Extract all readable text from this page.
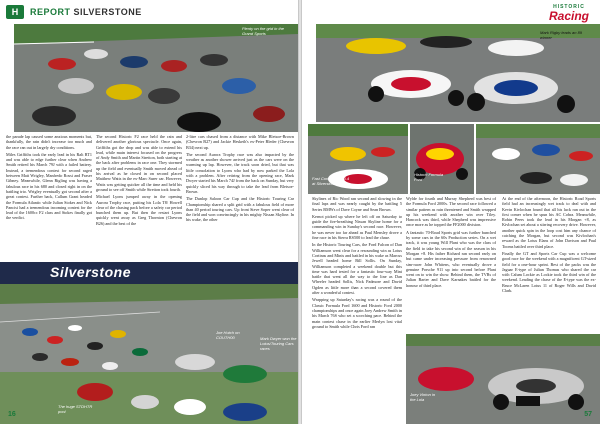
H	REPORT SILVERSTONE
Plenty on the grid in the Grand Sports

the parade lap caused some anxious moments but, thankfully, the rain didn't increase too much and the race ran out in largely dry conditions.

Miles Griffiths took the early lead in his Ralt RT1 and was able to edge further clear when Andrew Smith retired his March 79J with a failed battery. Instead, a tremendous contest for second raged between Matt Wrigley, Manfredo Rossi and Fraser Gibney. Meanwhile, Glenn Rigling was having a fabulous race in his 680 and closed right in on the battling trio. Wrigley eventually got second after a great contest. Further back, Callum Grant headed the Formula Atlantic while Julian Stokes and Nick Pancisi had a tremendous incoming contest for the lead of the 1600cc F2 class and Stokes finally got the verdict.

The second Historic F2 race held the rain and delivered another glorious spectacle. Once again, Griffiths got the drop and was able to extend his lead, while main interest focused on the progress of Andy Smith and Martin Stretton, both starting at the back after problems in race one. They stormed up the field and eventually Smith moved ahead of his arrival as he closed in on second placed Matthew Watts in the ex-Marc Surer car. However, Watts was getting quicker all the time and held his ground to see off Smith while Stretton took fourth.

Michael Lyons jumped away in the opening Aurora Trophy race, putting his Lola T8/ Howell clear of the chasing pack before a safety car period bunched them up. But then the restart Lyons quickly went away as Greg Thornton (Chevron B26) and the best of the

2-litre cars chased from a distance with Mike Bletsoe-Brown (Chevron B27) and Jackie Hesketh's ex-Peter Bleder (Chevron B34) next up.

The second Aurora Trophy race was also impacted by the weather as another shower arrived just as the cars were on the warming up lap. However, the track soon dried, but that was little consolation to Lyons who had by now parked the Lola with a problem. After retiring from the opening race, Mark Dwyer started his March 74J from the back on Sunday, but very quickly sliced his way through to take the lead from Bletsoe-Brown.

The Dunlop Saloon Car Cup and the Historic Touring Car Championship shared a split grid with a fabulous field of more than 40 period touring cars. Up front Steve Soper went clear of the field and won convincingly in his mighty Nissan Skyline. In his wake, the other

Silverstone
Joe Hutch on COUTH00	Mark Dwyer won the Lotus/Touring Cars races
The huge STDHTR pool
16
HISTORIC
Racing
Mark Rigby leads an 89 winner
Fast Cortina-ish 10.4 at Silverstone
Historic Formula Ford

Skylines of Ric Wood ran second and slowing in the final laps and was nearly caught by the battling 5 Series BMWs of Dave Coyne and Sean Brown.

Kernot picked up where he left off on Saturday to guide the fire-breathing Nissan Skyline home for a commanding win in Sunday's second race. However, he was never too far ahead as Paul Mensley drove a fine race in his Sierra RS500 to lead the chase.

In the Historic Touring Cars, the Ford Falcon of Dan Williamson went clear for a resounding win as Lotus Cortinas and Minis and battled in his wake as Marcus Jewell headed home Bill Sollis. On Sunday, Williamson completed a weekend double but this time was hard tested for a fantastic four-way Mini battle that went all the way to the line as Dan Wheeler headed Sollis, Nick Padmore and David Ogden as little more than a second covered them after a wonderful contest.

Wrapping up Saturday's racing was a round of the Classic Formula Ford 1600 and Historic Ford 2000 championships and once again Joey Andrew Smith in his March 76S who set a scorching pace. Behind the main contest chase in the earlier Merlyn lost vital ground to Smith while Chris Ford ran

Wylde for fourth and Murray Shepherd was best of the Formula Ford 2000s. The second race followed a similar pattern as rain threatened and Smith wrapped up his weekend with another win over Tiley. Hancock was third, while Shepherd was impressive once more as he topped the FF2000 division.

A fantastic 70-Road Sports grid was further bunched by some cars in the 60s Production series. On a wet track, it was young Will Plant who was the class of the field to take his second win of the season in his Morgan +8. His father Richard ran second early on but came under increasing pressure from renowned sim-racer John Whitens, who eventually drove a genuine Porsche 911 up into second before Plant went on to win the show. Behind them, the TVRs of Julian Barter and Dave Karnakes battled for the honour of third place.

At the end of the afternoon, the Historic Road Sports field had an increasingly wet track to deal with and Kevin Kivlochan found that all his luck ran out in the first comer when he spun his AC Cobra. Meanwhile, Robin Peers took the lead in his Morgan +8, as Kivlochan set about a stirring recovery drive. However, another quick spin in the loop cost him any chance of catching the Morgan, but second was Kivlochan's reward as the Lotus Elans of John Davison and Paul Tooms battled over third place.

Finally the GT and Sports Car Cup was a welcome good race for the weekend with a magnificent GT-sized field for a one-hour sprint. Best of the packs was the Jaguar E-type of Julian Thomas who shared the car with Calum Lockie as Lockie took the third win of the weekend. Leading the chase of the E-type was the ex-Bruce McLaren Lotus 11 of Roger Wills and David Clark.

Joey Vinton in the Lola
57
